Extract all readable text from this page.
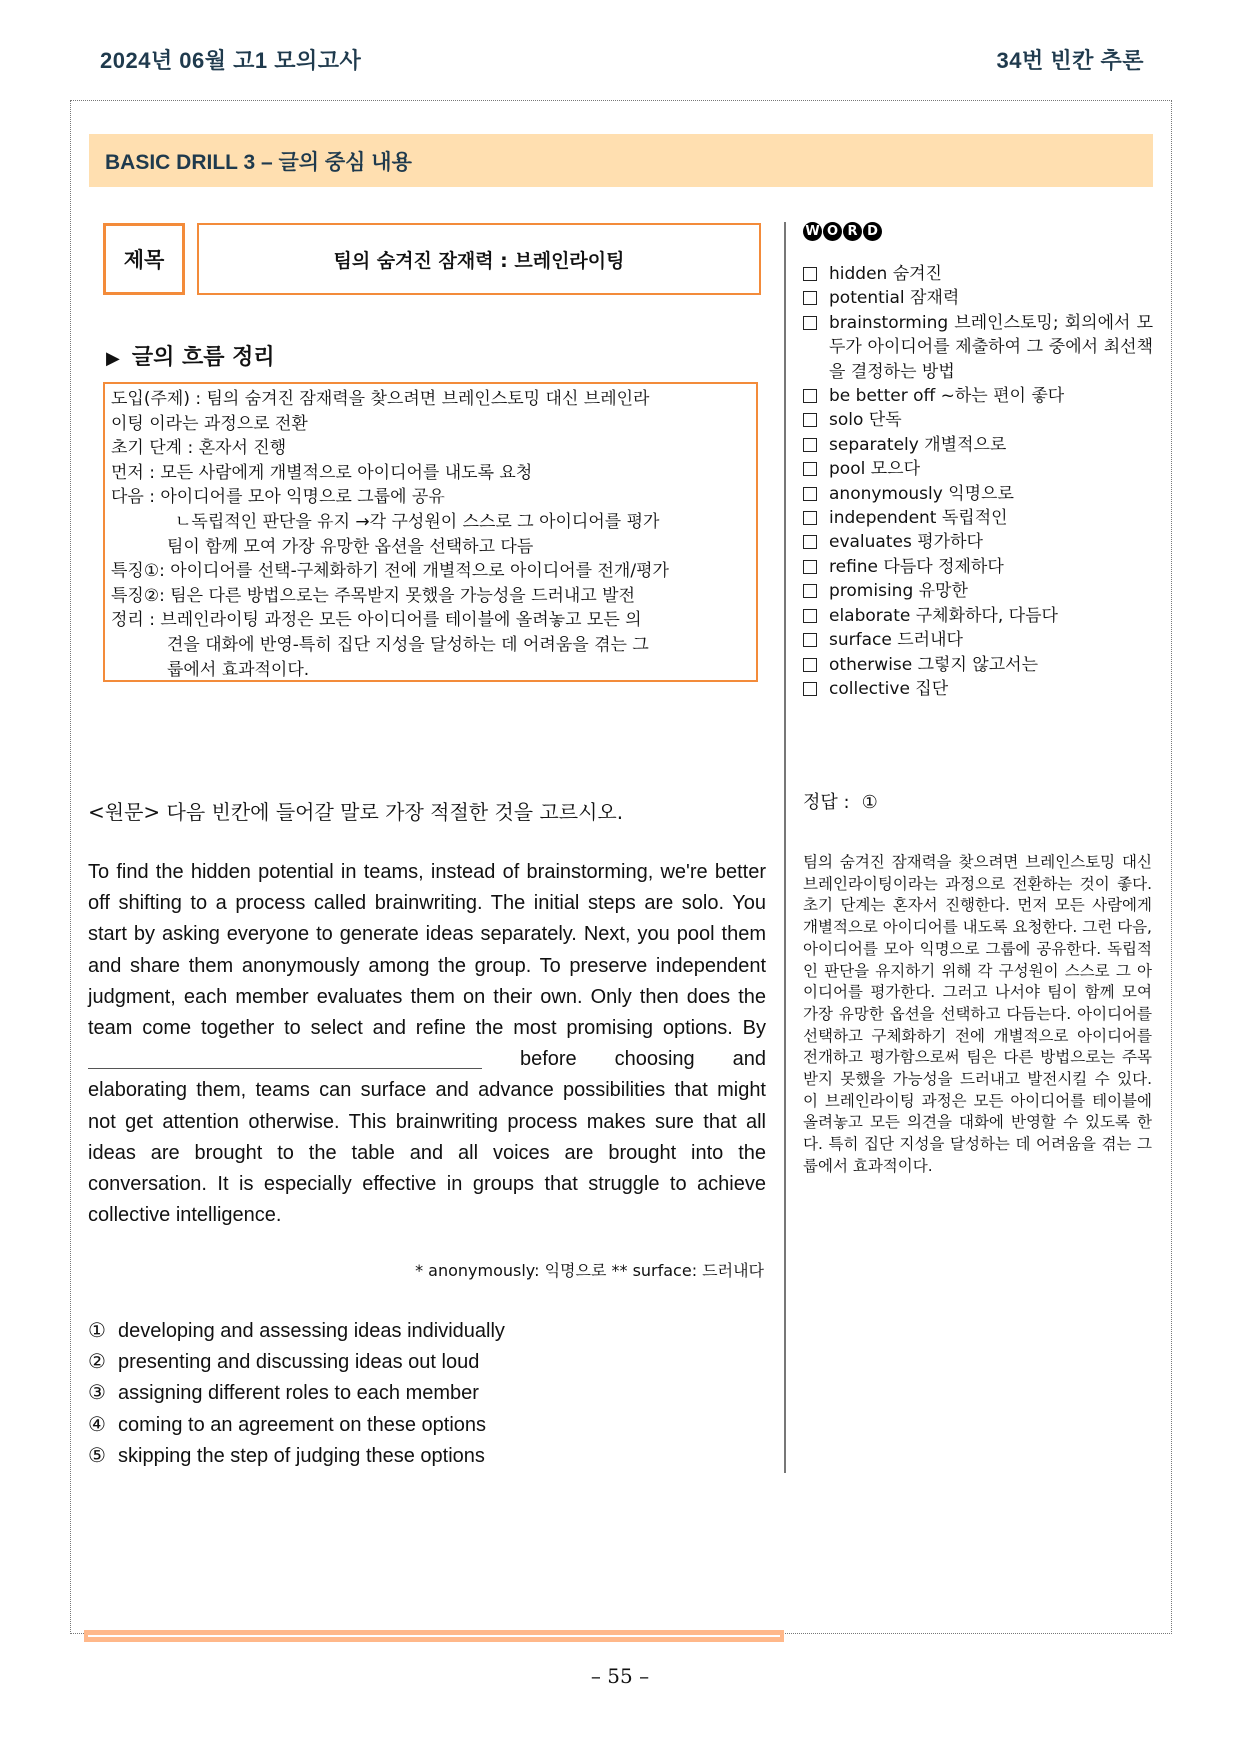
2024년 06월 고1 모의고사	34번 빈칸 추론
BASIC DRILL 3 – 글의 중심 내용
제목	팀의 숨겨진 잠재력 : 브레인라이팅
▶ 글의 흐름 정리
도입(주제) : 팀의 숨겨진 잠재력을 찾으려면 브레인스토밍 대신 브레인라
이팅 이라는 과정으로 전환
초기 단계 : 혼자서 진행
먼저 : 모든 사람에게 개별적으로 아이디어를 내도록 요청
다음 : 아이디어를 모아 익명으로 그룹에 공유
ㄴ독립적인 판단을 유지 →각 구성원이 스스로 그 아이디어를 평가
팀이 함께 모여 가장 유망한 옵션을 선택하고 다듬
특징①: 아이디어를 선택-구체화하기 전에 개별적으로 아이디어를 전개/평가
특징②: 팀은 다른 방법으로는 주목받지 못했을 가능성을 드러내고 발전
정리 : 브레인라이팅 과정은 모든 아이디어를 테이블에 올려놓고 모든 의
견을 대화에 반영-특히 집단 지성을 달성하는 데 어려움을 겪는 그
룹에서 효과적이다.
W O R D
hidden 숨겨진
potential 잠재력
brainstorming 브레인스토밍; 회의에서 모두가 아이디어를 제출하여 그 중에서 최선책을 결정하는 방법
be better off ~하는 편이 좋다
solo 단독
separately 개별적으로
pool 모으다
anonymously 익명으로
independent 독립적인
evaluates 평가하다
refine 다듬다 정제하다
promising 유망한
elaborate 구체화하다, 다듬다
surface 드러내다
otherwise 그렇지 않고서는
collective 집단
정답 : ①
팀의 숨겨진 잠재력을 찾으려면 브레인스토밍 대신 브레인라이팅이라는 과정으로 전환하는 것이 좋다. 초기 단계는 혼자서 진행한다. 먼저 모든 사람에게 개별적으로 아이디어를 내도록 요청한다. 그런 다음, 아이디어를 모아 익명으로 그룹에 공유한다. 독립적인 판단을 유지하기 위해 각 구성원이 스스로 그 아이디어를 평가한다. 그러고 나서야 팀이 함께 모여 가장 유망한 옵션을 선택하고 다듬는다. 아이디어를 선택하고 구체화하기 전에 개별적으로 아이디어를 전개하고 평가함으로써 팀은 다른 방법으로는 주목받지 못했을 가능성을 드러내고 발전시킬 수 있다. 이 브레인라이팅 과정은 모든 아이디어를 테이블에 올려놓고 모든 의견을 대화에 반영할 수 있도록 한다. 특히 집단 지성을 달성하는 데 어려움을 겪는 그룹에서 효과적이다.
<원문> 다음 빈칸에 들어갈 말로 가장 적절한 것을 고르시오.
To find the hidden potential in teams, instead of brainstorming, we're better off shifting to a process called brainwriting. The initial steps are solo. You start by asking everyone to generate ideas separately. Next, you pool them and share them anonymously among the group. To preserve independent judgment, each member evaluates them on their own. Only then does the team come together to select and refine the most promising options. By  before choosing and elaborating them, teams can surface and advance possibilities that might not get attention otherwise. This brainwriting process makes sure that all ideas are brought to the table and all voices are brought into the conversation. It is especially effective in groups that struggle to achieve collective intelligence.
* anonymously: 익명으로 ** surface: 드러내다
① developing and assessing ideas individually
② presenting and discussing ideas out loud
③ assigning different roles to each member
④ coming to an agreement on these options
⑤ skipping the step of judging these options
– 55 –
